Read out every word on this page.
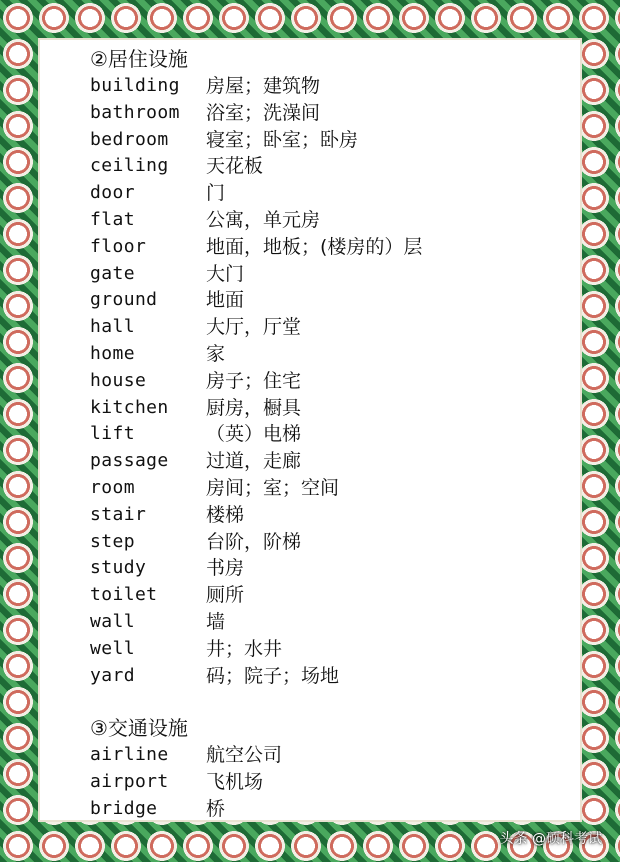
②居住设施
building	房屋；建筑物
bathroom	浴室；洗澡间
bedroom	寝室；卧室；卧房
ceiling	天花板
door	门
flat	公寓，单元房
floor	地面，地板；(楼房的）层
gate	大门
ground	地面
hall	大厅，厅堂
home	家
house	房子；住宅
kitchen	厨房，橱具
lift	（英）电梯
passage	过道，走廊
room	房间；室；空间
stair	楼梯
step	台阶，阶梯
study	书房
toilet	厕所
wall	墙
well	井；水井
yard	码；院子；场地
③交通设施
airline	航空公司
airport	飞机场
bridge	桥
头条 @硕科考试
